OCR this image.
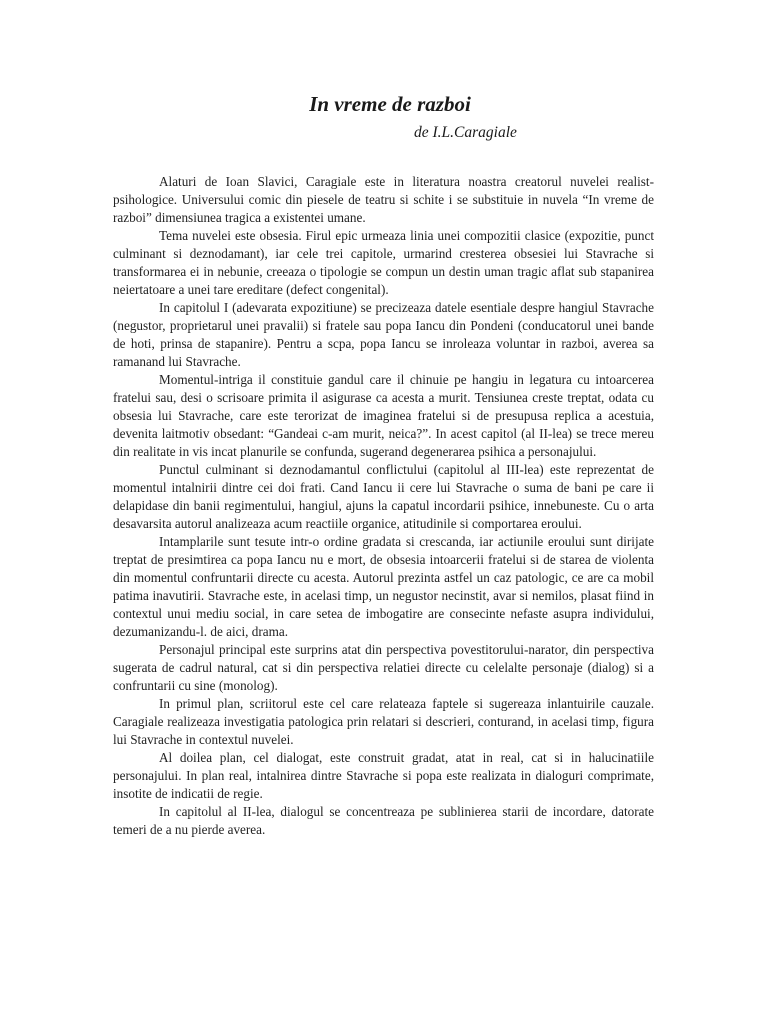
In vreme de razboi
de I.L.Caragiale

Alaturi de Ioan Slavici, Caragiale este in literatura noastra creatorul nuvelei realist-psihologice. Universului comic din piesele de teatru si schite i se substituie in nuvela “In vreme de razboi” dimensiunea tragica a existentei umane.

Tema nuvelei este obsesia. Firul epic urmeaza linia unei compozitii clasice (expozitie, punct culminant si deznodamant), iar cele trei capitole, urmarind cresterea obsesiei lui Stavrache si transformarea ei in nebunie, creeaza o tipologie se compun un destin uman tragic aflat sub stapanirea neiertatoare a unei tare ereditare (defect congenital).

In capitolul I (adevarata expozitiune) se precizeaza datele esentiale despre hangiul Stavrache (negustor, proprietarul unei pravalii) si fratele sau popa Iancu din Pondeni (conducatorul unei bande de hoti, prinsa de stapanire). Pentru a scpa, popa Iancu se inroleaza voluntar in razboi, averea sa ramanand lui Stavrache.

Momentul-intriga il constituie gandul care il chinuie pe hangiu in legatura cu intoarcerea fratelui sau, desi o scrisoare primita il asigurase ca acesta a murit. Tensiunea creste treptat, odata cu obsesia lui Stavrache, care este terorizat de imaginea fratelui si de presupusa replica a acestuia, devenita laitmotiv obsedant: “Gandeai c-am murit, neica?”. In acest capitol (al II-lea) se trece mereu din realitate in vis incat planurile se confunda, sugerand degenerarea psihica a personajului.

Punctul culminant si deznodamantul conflictului (capitolul al III-lea) este reprezentat de momentul intalnirii dintre cei doi frati. Cand Iancu ii cere lui Stavrache o suma de bani pe care ii delapidase din banii regimentului, hangiul, ajuns la capatul incordarii psihice, innebuneste. Cu o arta desavarsita autorul analizeaza acum reactiile organice, atitudinile si comportarea eroului.

Intamplarile sunt tesute intr-o ordine gradata si crescanda, iar actiunile eroului sunt dirijate treptat de presimtirea ca popa Iancu nu e mort, de obsesia intoarcerii fratelui si de starea de violenta din momentul confruntarii directe cu acesta. Autorul prezinta astfel un caz patologic, ce are ca mobil patima inavutirii. Stavrache este, in acelasi timp, un negustor necinstit, avar si nemilos, plasat fiind in contextul unui mediu social, in care setea de imbogatire are consecinte nefaste asupra individului, dezumanizandu-l. de aici, drama.

Personajul principal este surprins atat din perspectiva povestitorului-narator, din perspectiva sugerata de cadrul natural, cat si din perspectiva relatiei directe cu celelalte personaje (dialog) si a confruntarii cu sine (monolog).

In primul plan, scriitorul este cel care relateaza faptele si sugereaza inlantuirile cauzale. Caragiale realizeaza investigatia patologica prin relatari si descrieri, conturand, in acelasi timp, figura lui Stavrache in contextul nuvelei.

Al doilea plan, cel dialogat, este construit gradat, atat in real, cat si in halucinatiile personajului. In plan real, intalnirea dintre Stavrache si popa este realizata in dialoguri comprimate, insotite de indicatii de regie.

In capitolul al II-lea, dialogul se concentreaza pe sublinierea starii de incordare, datorate temeri de a nu pierde averea.
